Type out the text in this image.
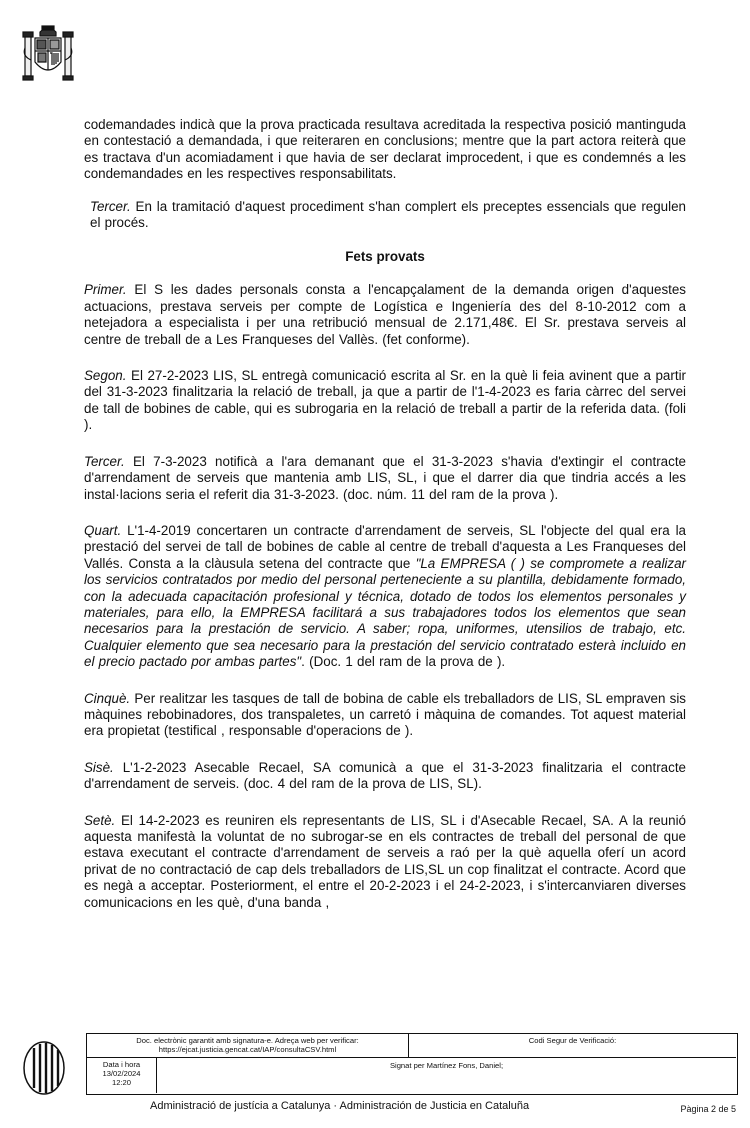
codemandades indicà que la prova practicada resultava acreditada la respectiva posició mantinguda en contestació a demandada, i que reiteraren en conclusions; mentre que la part actora reiterà que es tractava d'un acomiadament i que havia de ser declarat improcedent, i que es condemnés a les condemandades en les respectives responsabilitats.

Tercer. En la tramitació d'aquest procediment s'han complert els preceptes essencials que regulen el procés.

Fets provats

Primer. El S les dades personals consta a l'encapçalament de la demanda origen d'aquestes actuacions, prestava serveis per compte de Logística e Ingeniería des del 8-10-2012 com a netejadora a especialista i per una retribució mensual de 2.171,48€. El Sr. prestava serveis al centre de treball de a Les Franqueses del Vallès. (fet conforme).

Segon. El 27-2-2023 LIS, SL entregà comunicació escrita al Sr. en la què li feia avinent que a partir del 31-3-2023 finalitzaria la relació de treball, ja que a partir de l'1-4-2023 es faria càrrec del servei de tall de bobines de cable, qui es subrogaria en la relació de treball a partir de la referida data. (foli ).

Tercer. El 7-3-2023 notificà a l'ara demanant que el 31-3-2023 s'havia d'extingir el contracte d'arrendament de serveis que mantenia amb LIS, SL, i que el darrer dia que tindria accés a les instal·lacions seria el referit dia 31-3-2023. (doc. núm. 11 del ram de la prova ).

Quart. L'1-4-2019 concertaren un contracte d'arrendament de serveis, SL l'objecte del qual era la prestació del servei de tall de bobines de cable al centre de treball d'aquesta a Les Franqueses del Vallés. Consta a la clàusula setena del contracte que "La EMPRESA ( ) se compromete a realizar los servicios contratados por medio del personal perteneciente a su plantilla, debidamente formado, con la adecuada capacitación profesional y técnica, dotado de todos los elementos personales y materiales, para ello, la EMPRESA facilitará a sus trabajadores todos los elementos que sean necesarios para la prestación de servicio. A saber; ropa, uniformes, utensilios de trabajo, etc. Cualquier elemento que sea necesario para la prestación del servicio contratado esterà incluido en el precio pactado por ambas partes". (Doc. 1 del ram de la prova de ).

Cinquè. Per realitzar les tasques de tall de bobina de cable els treballadors de LIS, SL empraven sis màquines rebobinadores, dos transpaletes, un carretó i màquina de comandes. Tot aquest material era propietat (testifical , responsable d'operacions de ).

Sisè. L'1-2-2023 Asecable Recael, SA comunicà a que el 31-3-2023 finalitzaria el contracte d'arrendament de serveis. (doc. 4 del ram de la prova de LIS, SL).

Setè. El 14-2-2023 es reuniren els representants de LIS, SL i d'Asecable Recael, SA. A la reunió aquesta manifestà la voluntat de no subrogar-se en els contractes de treball del personal de que estava executant el contracte d'arrendament de serveis a raó per la què aquella oferí un acord privat de no contractació de cap dels treballadors de LIS,SL un cop finalitzat el contracte. Acord que es negà a acceptar. Posteriorment, el entre el 20-2-2023 i el 24-2-2023, i s'intercanviaren diverses comunicacions en les què, d'una banda ,

Doc. electrònic garantit amb signatura-e. Adreça web per verificar: https://ejcat.justicia.gencat.cat/IAP/consultaCSV.html
Codi Segur de Verificació:
Data i hora
13/02/2024
12:20
Signat per Martínez Fons, Daniel;
Administració de justícia a Catalunya · Administración de Justicia en Cataluña	Pàgina 2 de 5
